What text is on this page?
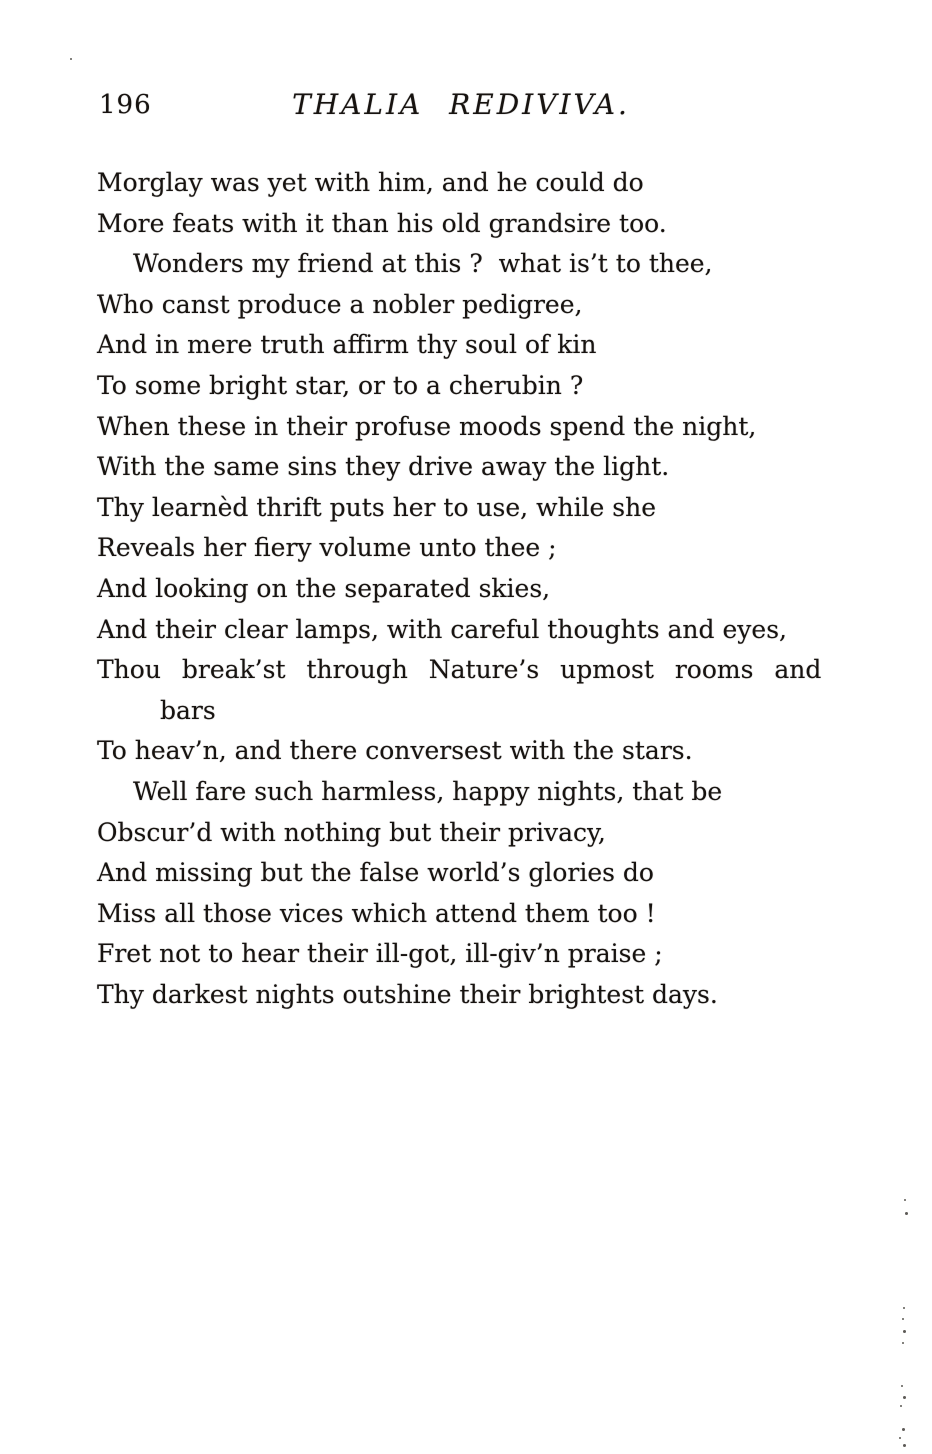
196	THALIA REDIVIVA.
Morglay was yet with him, and he could do
More feats with it than his old grandsire too.
Wonders my friend at this ?  what is’t to thee,
Who canst produce a nobler pedigree,
And in mere truth affirm thy soul of kin
To some bright star, or to a cherubin ?
When these in their profuse moods spend the night,
With the same sins they drive away the light.
Thy learnèd thrift puts her to use, while she
Reveals her fiery volume unto thee ;
And looking on the separated skies,
And their clear lamps, with careful thoughts and eyes,
Thou break’st through Nature’s upmost rooms and
bars
To heav’n, and there conversest with the stars.
Well fare such harmless, happy nights, that be
Obscur’d with nothing but their privacy,
And missing but the false world’s glories do
Miss all those vices which attend them too !
Fret not to hear their ill-got, ill-giv’n praise ;
Thy darkest nights outshine their brightest days.
